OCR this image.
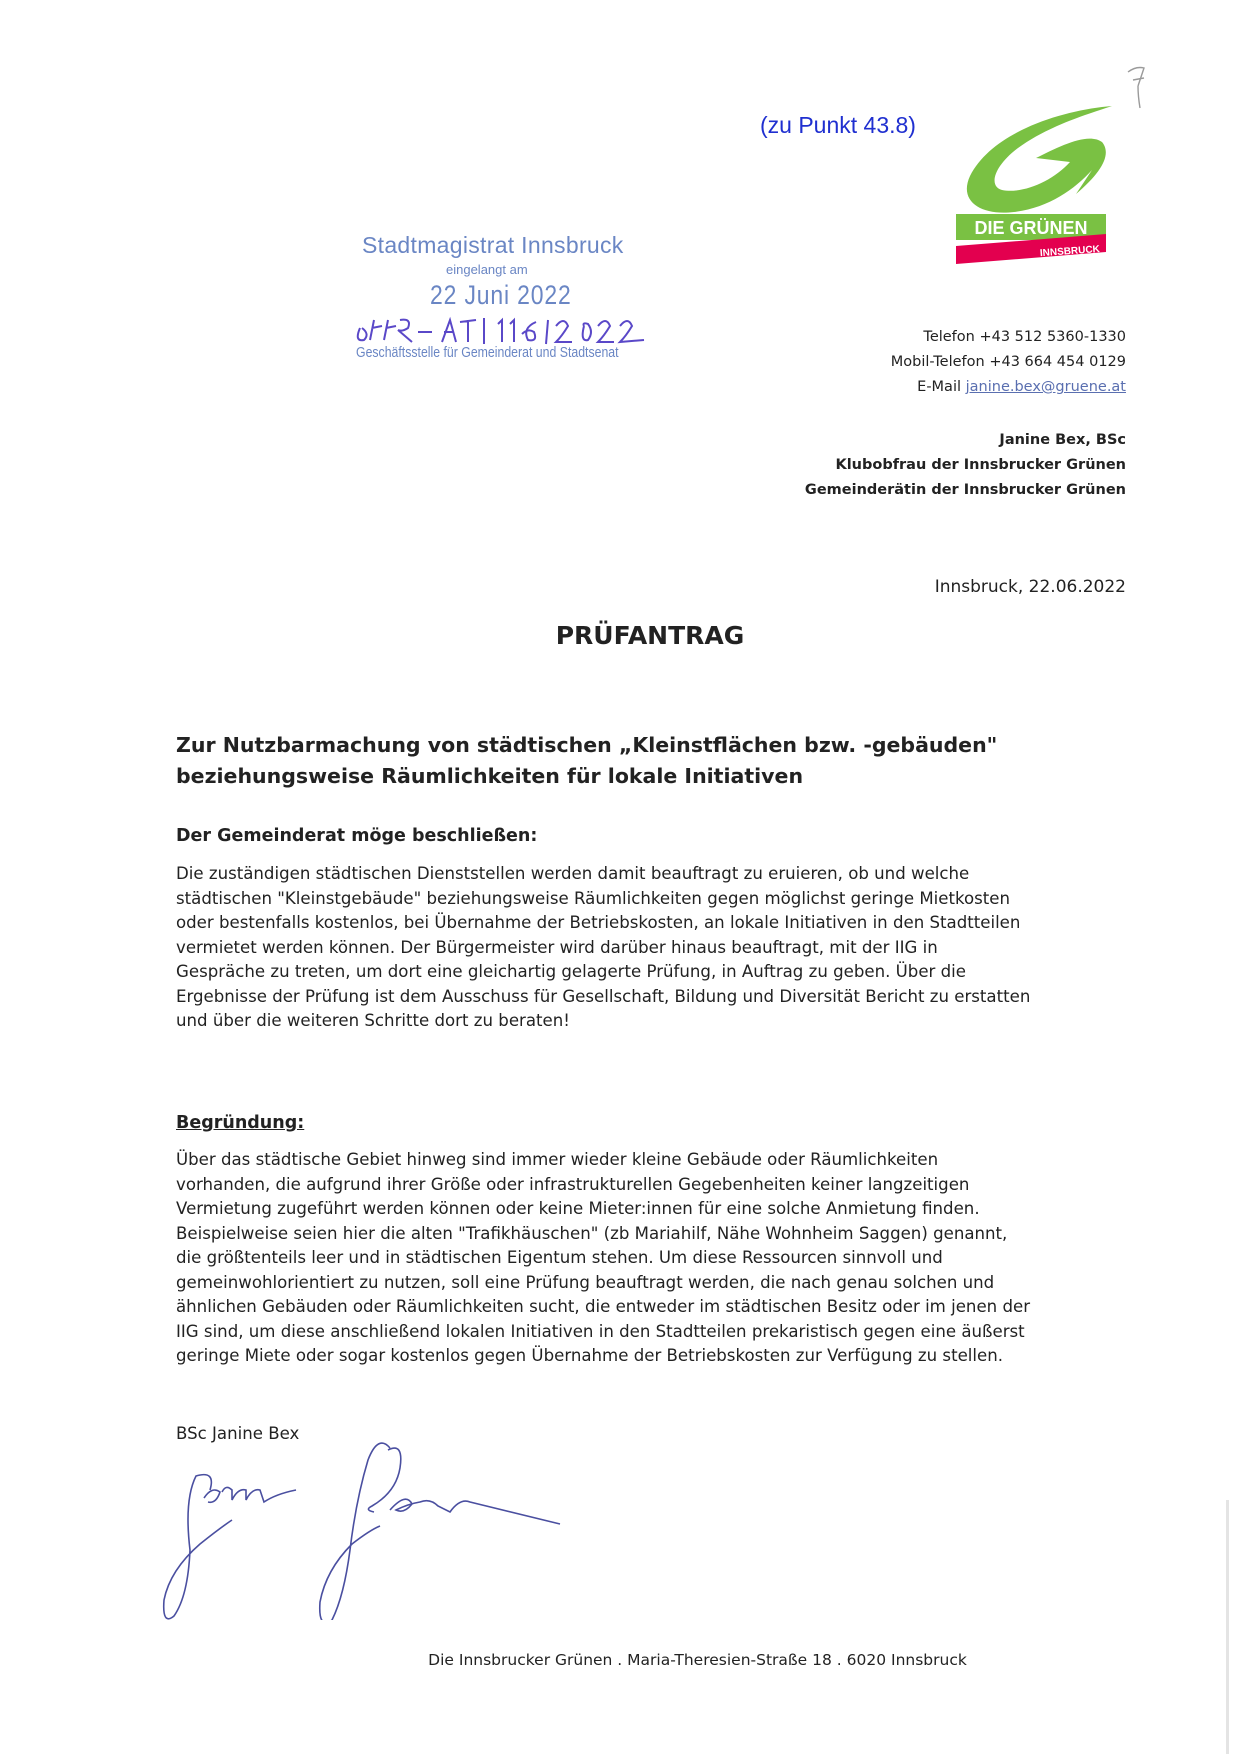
(zu Punkt 43.8)
DIE GRÜNEN
INNSBRUCK
Stadtmagistrat Innsbruck
eingelangt am
22 Juni 2022
Geschäftsstelle für Gemeinderat und Stadtsenat
Telefon +43 512 5360-1330
Mobil-Telefon +43 664 454 0129
E-Mail janine.bex@gruene.at
Janine Bex, BSc
Klubobfrau der Innsbrucker Grünen
Gemeinderätin der Innsbrucker Grünen
Innsbruck, 22.06.2022
PRÜFANTRAG
Zur Nutzbarmachung von städtischen „Kleinstflächen bzw. -gebäuden"
beziehungsweise Räumlichkeiten für lokale Initiativen
Der Gemeinderat möge beschließen:
Die zuständigen städtischen Dienststellen werden damit beauftragt zu eruieren, ob und welche
städtischen "Kleinstgebäude" beziehungsweise Räumlichkeiten gegen möglichst geringe Mietkosten
oder bestenfalls kostenlos, bei Übernahme der Betriebskosten, an lokale Initiativen in den Stadtteilen
vermietet werden können. Der Bürgermeister wird darüber hinaus beauftragt, mit der IIG in
Gespräche zu treten, um dort eine gleichartig gelagerte Prüfung, in Auftrag zu geben. Über die
Ergebnisse der Prüfung ist dem Ausschuss für Gesellschaft, Bildung und Diversität Bericht zu erstatten
und über die weiteren Schritte dort zu beraten!
Begründung:
Über das städtische Gebiet hinweg sind immer wieder kleine Gebäude oder Räumlichkeiten
vorhanden, die aufgrund ihrer Größe oder infrastrukturellen Gegebenheiten keiner langzeitigen
Vermietung zugeführt werden können oder keine Mieter:innen für eine solche Anmietung finden.
Beispielweise seien hier die alten "Trafikhäuschen" (zb Mariahilf, Nähe Wohnheim Saggen) genannt,
die größtenteils leer und in städtischen Eigentum stehen. Um diese Ressourcen sinnvoll und
gemeinwohlorientiert zu nutzen, soll eine Prüfung beauftragt werden, die nach genau solchen und
ähnlichen Gebäuden oder Räumlichkeiten sucht, die entweder im städtischen Besitz oder im jenen der
IIG sind, um diese anschließend lokalen Initiativen in den Stadtteilen prekaristisch gegen eine äußerst
geringe Miete oder sogar kostenlos gegen Übernahme der Betriebskosten zur Verfügung zu stellen.
BSc Janine Bex
Die Innsbrucker Grünen . Maria-Theresien-Straße 18 . 6020 Innsbruck
